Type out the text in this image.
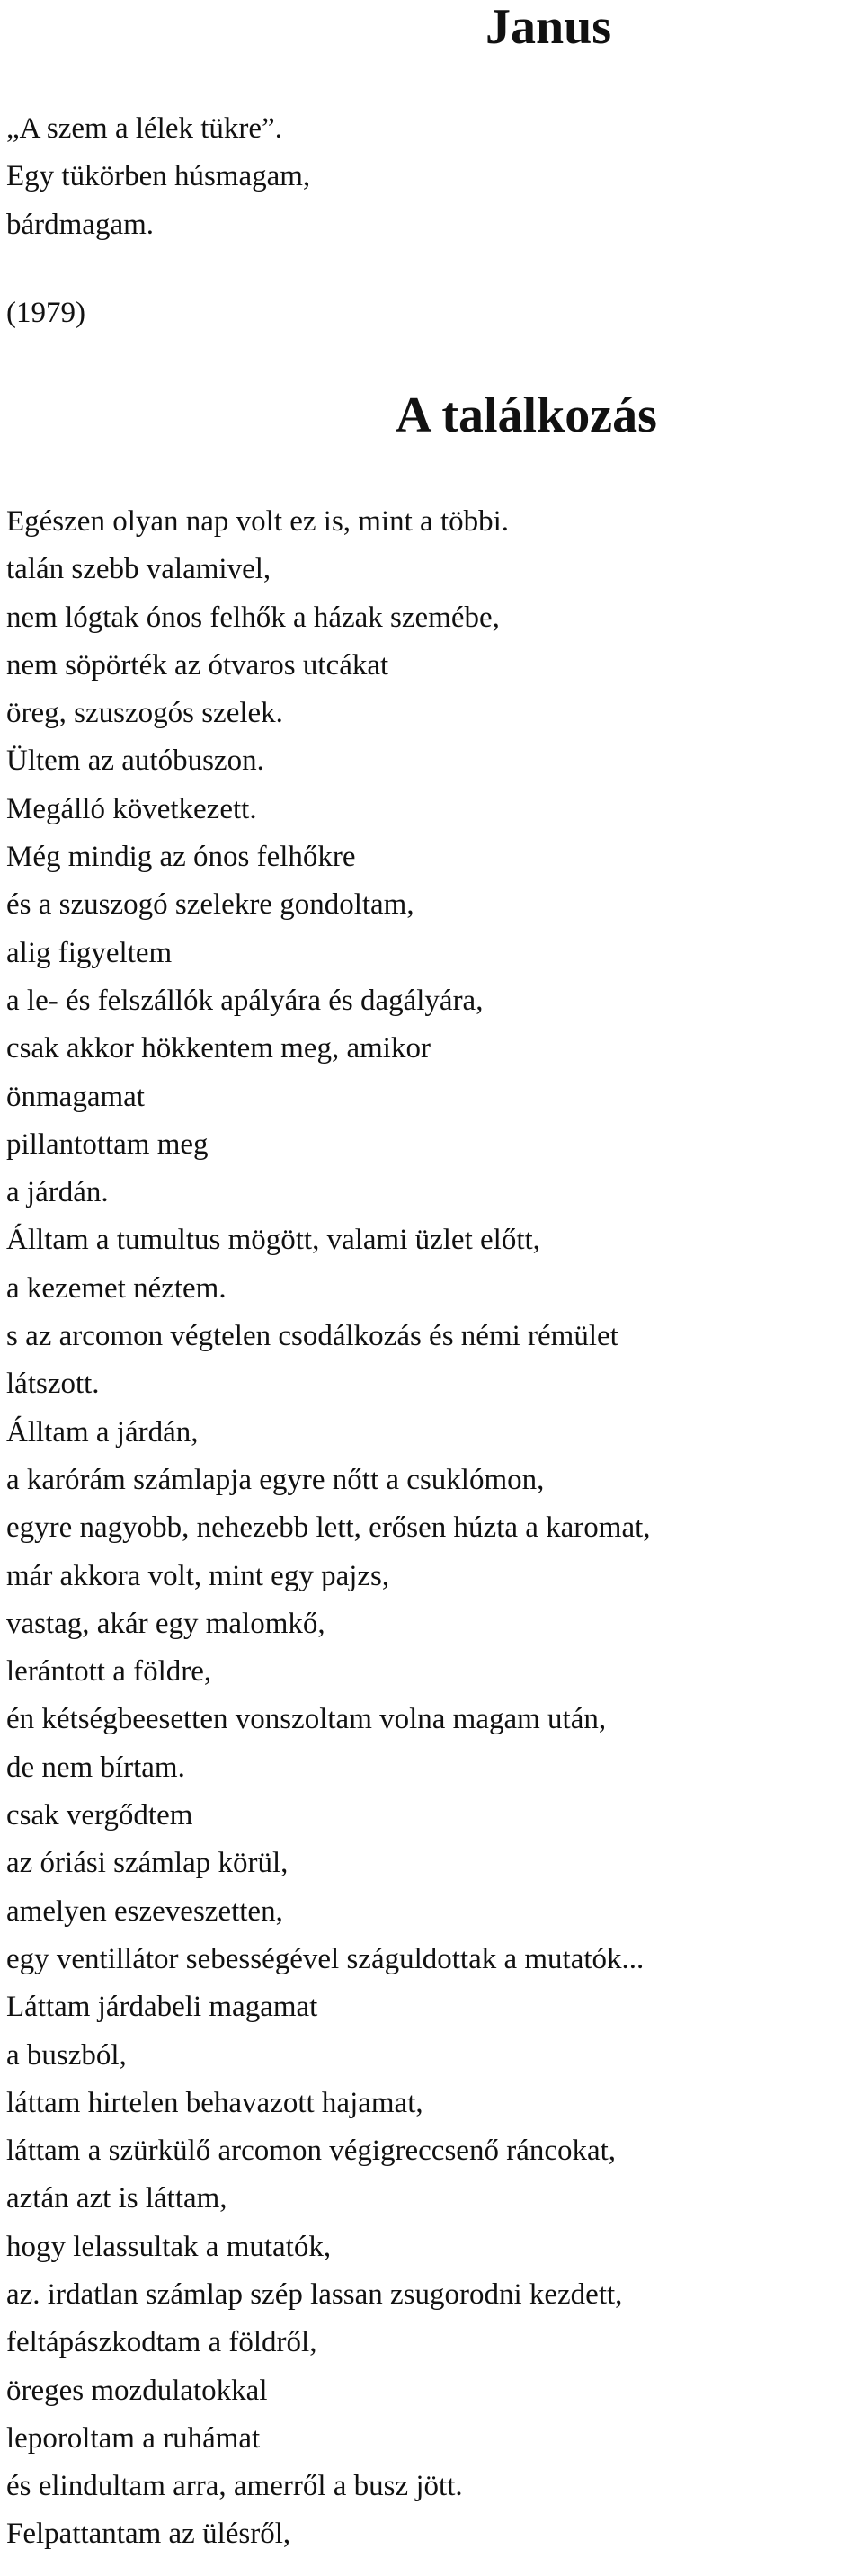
Janus
„A szem a lélek tükre”.
Egy tükörben húsmagam,
bárdmagam.

(1979)

A találkozás
Egészen olyan nap volt ez is, mint a többi.
talán szebb valamivel,
nem lógtak ónos felhők a házak szemébe,
nem söpörték az ótvaros utcákat
öreg, szuszogós szelek.
Ültem az autóbuszon.
Megálló következett.
Még mindig az ónos felhőkre
és a szuszogó szelekre gondoltam,
alig figyeltem
a le- és felszállók apályára és dagályára,
csak akkor hökkentem meg, amikor
önmagamat
pillantottam meg
a járdán.
Álltam a tumultus mögött, valami üzlet előtt,
a kezemet néztem.
s az arcomon végtelen csodálkozás és némi rémület
látszott.
Álltam a járdán,
a karórám számlapja egyre nőtt a csuklómon,
egyre nagyobb, nehezebb lett, erősen húzta a karomat,
már akkora volt, mint egy pajzs,
vastag, akár egy malomkő,
lerántott a földre,
én kétségbeesetten vonszoltam volna magam után,
de nem bírtam.
csak vergődtem
az óriási számlap körül,
amelyen eszeveszetten,
egy ventillátor sebességével száguldottak a mutatók...
Láttam járdabeli magamat
a buszból,
láttam hirtelen behavazott hajamat,
láttam a szürkülő arcomon végigreccsenő ráncokat,
aztán azt is láttam,
hogy lelassultak a mutatók,
az. irdatlan számlap szép lassan zsugorodni kezdett,
feltápászkodtam a földről,
öreges mozdulatokkal
leporoltam a ruhámat
és elindultam arra, amerről a busz jött.
Felpattantam az ülésről,
